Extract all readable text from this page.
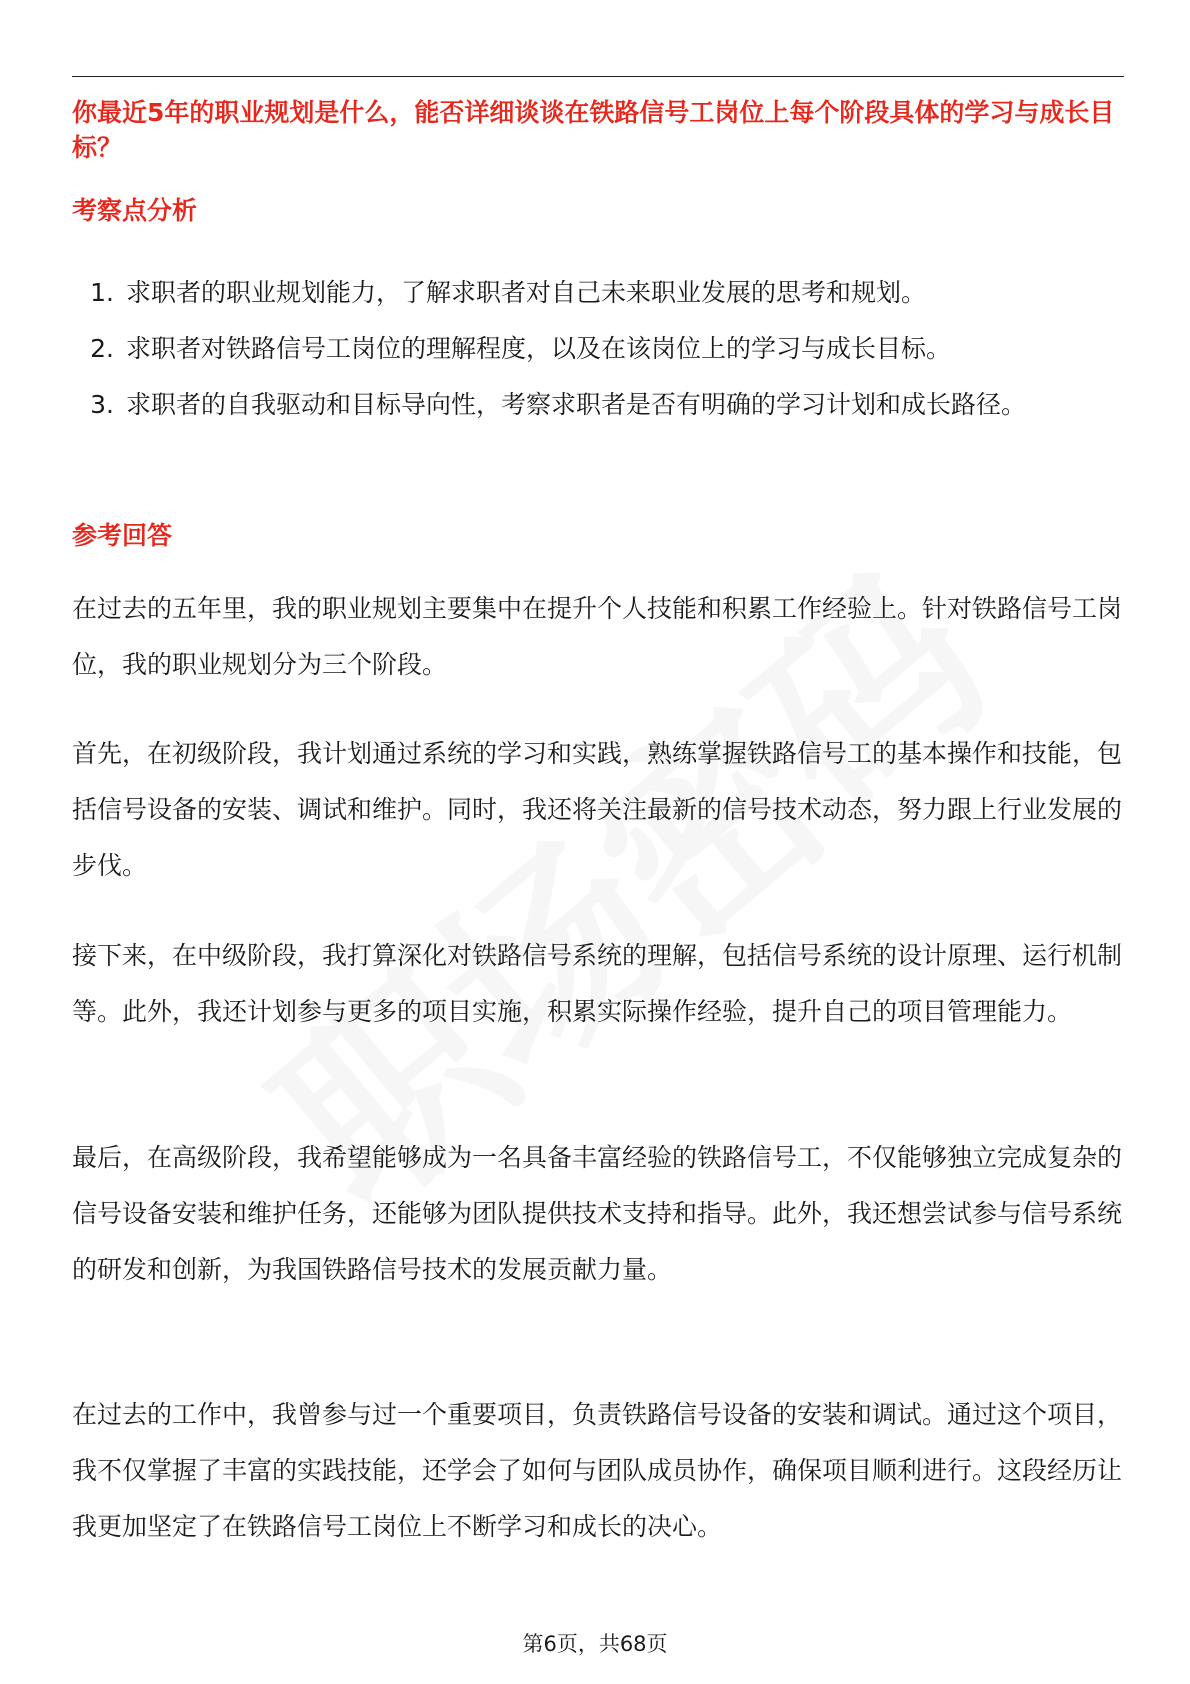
你最近5年的职业规划是什么，能否详细谈谈在铁路信号工岗位上每个阶段具体的学习与成长目标？
考察点分析
1. 求职者的职业规划能力，了解求职者对自己未来职业发展的思考和规划。
2. 求职者对铁路信号工岗位的理解程度，以及在该岗位上的学习与成长目标。
3. 求职者的自我驱动和目标导向性，考察求职者是否有明确的学习计划和成长路径。
参考回答

在过去的五年里，我的职业规划主要集中在提升个人技能和积累工作经验上。针对铁路信号工岗位，我的职业规划分为三个阶段。

首先，在初级阶段，我计划通过系统的学习和实践，熟练掌握铁路信号工的基本操作和技能，包括信号设备的安装、调试和维护。同时，我还将关注最新的信号技术动态，努力跟上行业发展的步伐。

接下来，在中级阶段，我打算深化对铁路信号系统的理解，包括信号系统的设计原理、运行机制等。此外，我还计划参与更多的项目实施，积累实际操作经验，提升自己的项目管理能力。

最后，在高级阶段，我希望能够成为一名具备丰富经验的铁路信号工，不仅能够独立完成复杂的信号设备安装和维护任务，还能够为团队提供技术支持和指导。此外，我还想尝试参与信号系统的研发和创新，为我国铁路信号技术的发展贡献力量。

在过去的工作中，我曾参与过一个重要项目，负责铁路信号设备的安装和调试。通过这个项目，我不仅掌握了丰富的实践技能，还学会了如何与团队成员协作，确保项目顺利进行。这段经历让我更加坚定了在铁路信号工岗位上不断学习和成长的决心。

第6页，共68页
